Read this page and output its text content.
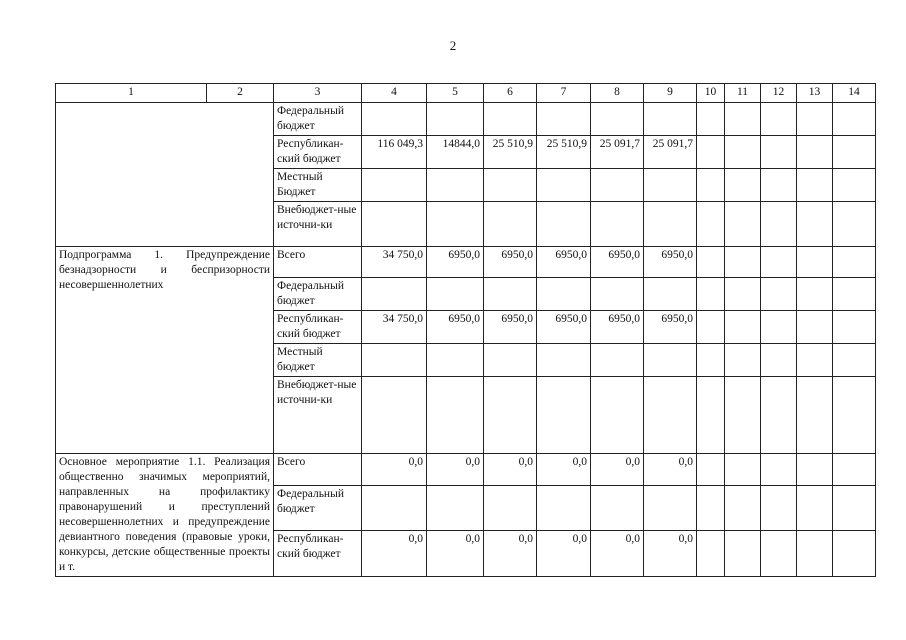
2
1	2	3	4	5	6	7	8	9	10	11	12	13	14
		Федеральный бюджет											
		Республикан-ский бюджет	116 049,3	14844,0	25 510,9	25 510,9	25 091,7	25 091,7					
		Местный Бюджет											
		Внебюджет-ные источни-ки											
Подпрограмма 1. Предупреждение безнадзорности и беспризорности несовершеннолетних		Всего	34 750,0	6950,0	6950,0	6950,0	6950,0	6950,0					
		Федеральный бюджет											
		Республикан-ский бюджет	34 750,0	6950,0	6950,0	6950,0	6950,0	6950,0					
		Местный бюджет											
		Внебюджет-ные источни-ки											
Основное мероприятие 1.1. Реализация общественно значимых мероприятий, направленных на профилактику правонарушений и преступлений несовершеннолетних и предупреждение девиантного поведения (правовые уроки, конкурсы, детские общественные проекты и т.		Всего	0,0	0,0	0,0	0,0	0,0	0,0					
		Федеральный бюджет											
		Республикан-ский бюджет	0,0	0,0	0,0	0,0	0,0	0,0					
